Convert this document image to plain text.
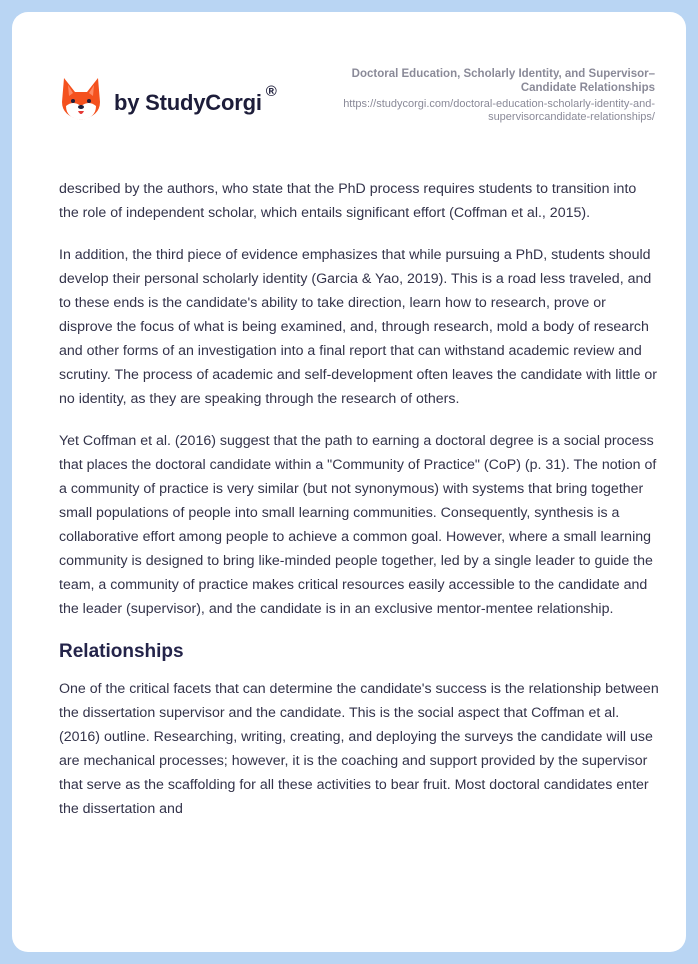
by StudyCorgi ®
Doctoral Education, Scholarly Identity, and Supervisor–Candidate Relationships
https://studycorgi.com/doctoral-education-scholarly-identity-and-supervisorcandidate-relationships/

described by the authors, who state that the PhD process requires students to transition into the role of independent scholar, which entails significant effort (Coffman et al., 2015).

In addition, the third piece of evidence emphasizes that while pursuing a PhD, students should develop their personal scholarly identity (Garcia & Yao, 2019). This is a road less traveled, and to these ends is the candidate's ability to take direction, learn how to research, prove or disprove the focus of what is being examined, and, through research, mold a body of research and other forms of an investigation into a final report that can withstand academic review and scrutiny. The process of academic and self-development often leaves the candidate with little or no identity, as they are speaking through the research of others.

Yet Coffman et al. (2016) suggest that the path to earning a doctoral degree is a social process that places the doctoral candidate within a "Community of Practice" (CoP) (p. 31). The notion of a community of practice is very similar (but not synonymous) with systems that bring together small populations of people into small learning communities. Consequently, synthesis is a collaborative effort among people to achieve a common goal. However, where a small learning community is designed to bring like-minded people together, led by a single leader to guide the team, a community of practice makes critical resources easily accessible to the candidate and the leader (supervisor), and the candidate is in an exclusive mentor-mentee relationship.

Relationships

One of the critical facets that can determine the candidate's success is the relationship between the dissertation supervisor and the candidate. This is the social aspect that Coffman et al. (2016) outline. Researching, writing, creating, and deploying the surveys the candidate will use are mechanical processes; however, it is the coaching and support provided by the supervisor that serve as the scaffolding for all these activities to bear fruit. Most doctoral candidates enter the dissertation and
